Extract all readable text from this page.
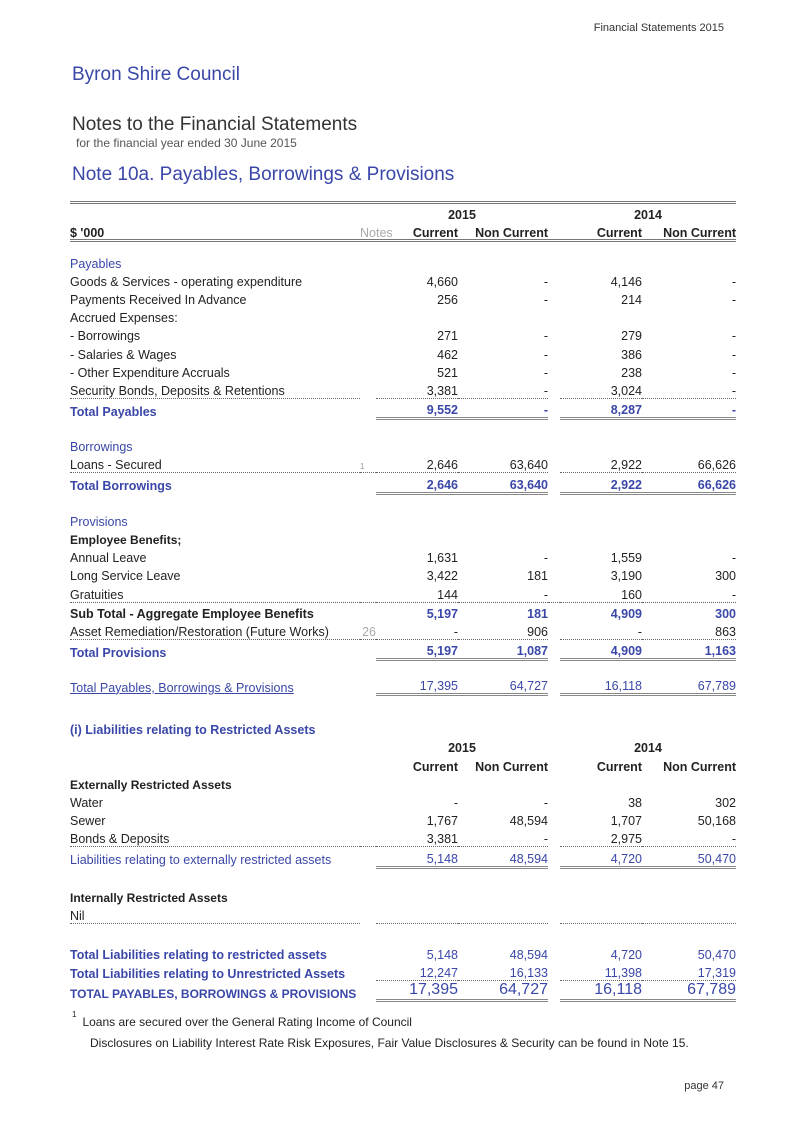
Financial Statements 2015
Byron Shire Council
Notes to the Financial Statements
for the financial year ended 30 June 2015
Note 10a. Payables, Borrowings & Provisions
		2015			2014	
$ '000	Notes	Current	Non Current		Current	Non Current

Payables						
Goods & Services - operating expenditure		4,660	-		4,146	-
Payments Received In Advance		256	-		214	-
Accrued Expenses:						
- Borrowings		271	-		279	-
- Salaries & Wages		462	-		386	-
- Other Expenditure Accruals		521	-		238	-
Security Bonds, Deposits & Retentions		3,381	-		3,024	-
Total Payables		9,552	-		8,287	-

Borrowings						
Loans - Secured	1	2,646	63,640		2,922	66,626
Total Borrowings		2,646	63,640		2,922	66,626

Provisions						
Employee Benefits;						
Annual Leave		1,631	-		1,559	-
Long Service Leave		3,422	181		3,190	300
Gratuities		144	-		160	-
Sub Total - Aggregate Employee Benefits		5,197	181		4,909	300
Asset Remediation/Restoration (Future Works)	26	-	906		-	863
Total Provisions		5,197	1,087		4,909	1,163

Total Payables, Borrowings & Provisions		17,395	64,727		16,118	67,789
(i) Liabilities relating to Restricted Assets						
		2015			2014	
		Current	Non Current		Current	Non Current
Externally Restricted Assets						
Water		-	-		38	302
Sewer		1,767	48,594		1,707	50,168
Bonds & Deposits		3,381	-		2,975	-
Liabilities relating to externally restricted assets		5,148	48,594		4,720	50,470

Internally Restricted Assets						
Nil						

Total Liabilities relating to restricted assets		5,148	48,594		4,720	50,470
Total Liabilities relating to Unrestricted Assets		12,247	16,133		11,398	17,319
TOTAL PAYABLES, BORROWINGS & PROVISIONS		17,395	64,727		16,118	67,789
$^1$Loans are secured over the General Rating Income of Council
Disclosures on Liability Interest Rate Risk Exposures, Fair Value Disclosures & Security can be found in Note 15.
page 47
